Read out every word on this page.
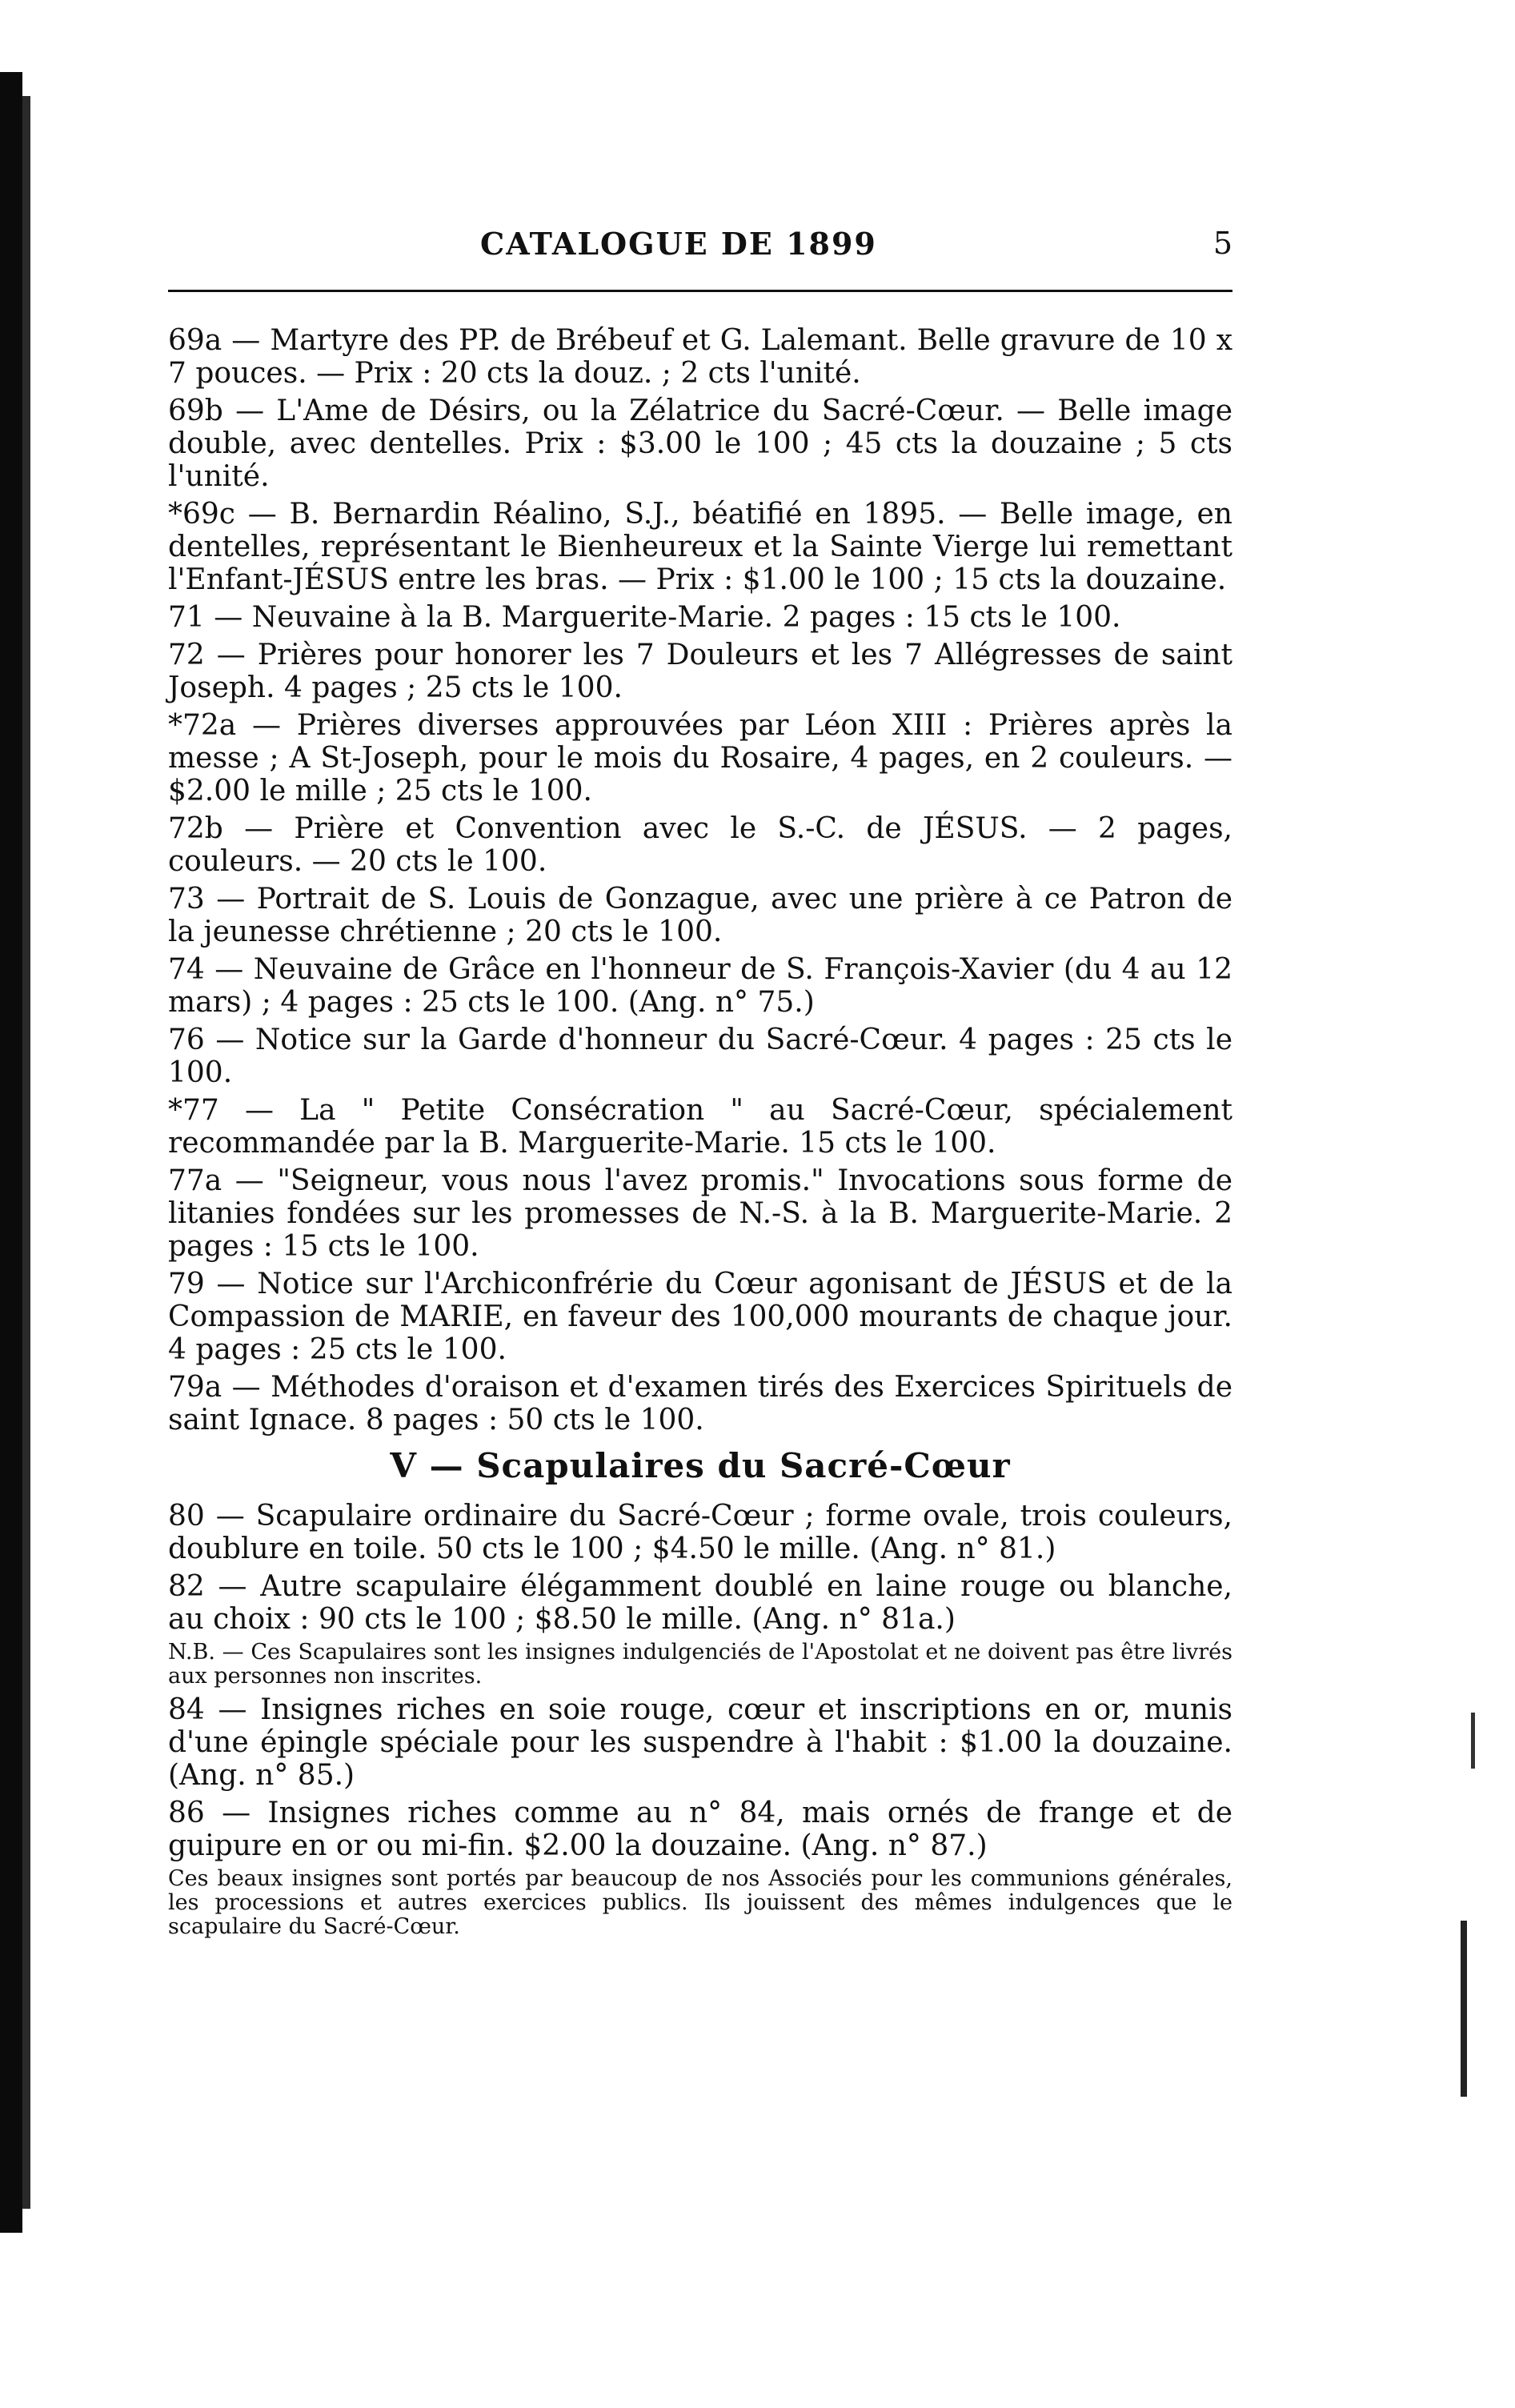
CATALOGUE DE 1899	5

69a — Martyre des PP. de Brébeuf et G. Lalemant. Belle gravure de 10 x 7 pouces. — Prix : 20 cts la douz. ; 2 cts l'unité.

69b — L'Ame de Désirs, ou la Zélatrice du Sacré-Cœur. — Belle image double, avec dentelles. Prix : $3.00 le 100 ; 45 cts la douzaine ; 5 cts l'unité.

*69c — B. Bernardin Réalino, S.J., béatifié en 1895. — Belle image, en dentelles, représentant le Bienheureux et la Sainte Vierge lui remettant l'Enfant-JÉSUS entre les bras. — Prix : $1.00 le 100 ; 15 cts la douzaine.

71 — Neuvaine à la B. Marguerite-Marie. 2 pages : 15 cts le 100.

72 — Prières pour honorer les 7 Douleurs et les 7 Allégresses de saint Joseph. 4 pages ; 25 cts le 100.

*72a — Prières diverses approuvées par Léon XIII : Prières après la messe ; A St-Joseph, pour le mois du Rosaire, 4 pages, en 2 couleurs. — $2.00 le mille ; 25 cts le 100.

72b — Prière et Convention avec le S.-C. de JÉSUS. — 2 pages, couleurs. — 20 cts le 100.

73 — Portrait de S. Louis de Gonzague, avec une prière à ce Patron de la jeunesse chrétienne ; 20 cts le 100.

74 — Neuvaine de Grâce en l'honneur de S. François-Xavier (du 4 au 12 mars) ; 4 pages : 25 cts le 100. (Ang. n° 75.)

76 — Notice sur la Garde d'honneur du Sacré-Cœur. 4 pages : 25 cts le 100.

*77 — La " Petite Consécration " au Sacré-Cœur, spécialement recommandée par la B. Marguerite-Marie. 15 cts le 100.

77a — "Seigneur, vous nous l'avez promis." Invocations sous forme de litanies fondées sur les promesses de N.-S. à la B. Marguerite-Marie. 2 pages : 15 cts le 100.

79 — Notice sur l'Archiconfrérie du Cœur agonisant de JÉSUS et de la Compassion de MARIE, en faveur des 100,000 mourants de chaque jour. 4 pages : 25 cts le 100.

79a — Méthodes d'oraison et d'examen tirés des Exercices Spirituels de saint Ignace. 8 pages : 50 cts le 100.

V — Scapulaires du Sacré-Cœur

80 — Scapulaire ordinaire du Sacré-Cœur ; forme ovale, trois couleurs, doublure en toile. 50 cts le 100 ; $4.50 le mille. (Ang. n° 81.)

82 — Autre scapulaire élégamment doublé en laine rouge ou blanche, au choix : 90 cts le 100 ; $8.50 le mille. (Ang. n° 81a.)

N.B. — Ces Scapulaires sont les insignes indulgenciés de l'Apostolat et ne doivent pas être livrés aux personnes non inscrites.

84 — Insignes riches en soie rouge, cœur et inscriptions en or, munis d'une épingle spéciale pour les suspendre à l'habit : $1.00 la douzaine. (Ang. n° 85.)

86 — Insignes riches comme au n° 84, mais ornés de frange et de guipure en or ou mi-fin. $2.00 la douzaine. (Ang. n° 87.)

Ces beaux insignes sont portés par beaucoup de nos Associés pour les communions générales, les processions et autres exercices publics. Ils jouissent des mêmes indulgences que le scapulaire du Sacré-Cœur.
